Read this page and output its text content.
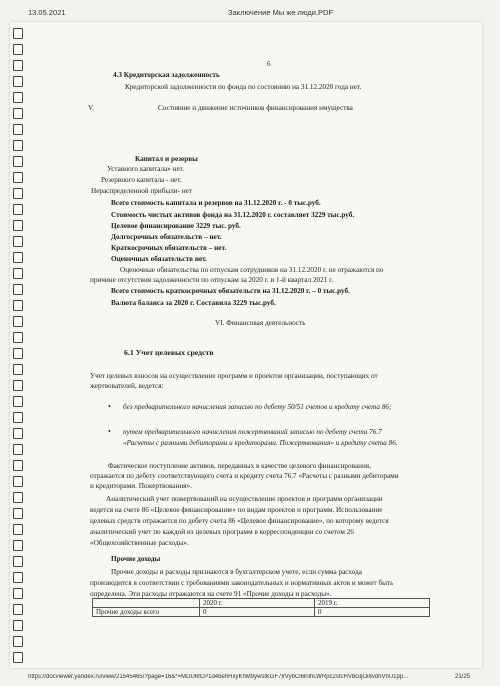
13.05.2021	Заключение Мы же люди.PDF
6
4.3 Кредиторская задолженность
Кредиторской задолженности по фонда по состоянию на 31.12.2020 года нет.
V.	Состояние и движение источников финансирования имущества
Капитал и резервы
Уставного капитала» нет.
Резервного капитала - нет.
Нераспределенной прибыли- нет
Всего стоимость капитала и резервов на 31.12.2020 г. - 0 тыс.руб.
Стоимость чистых активов фонда на 31.12.2020 г. составляет 3229 тыс.руб.
Целевое финансирование 3229 тыс. руб.
Долгосрочных обязательств – нет.
Краткосрочных обязательств – нет.
Оценочных обязательств нет.
Оценочные обязательства по отпускам сотрудников на 31.12.2020 г. не отражаются по
причине отсутствия задолженности по отпускам за 2020 г. и 1-й квартал 2021 г.
Всего стоимость краткосрочных обязательств на 31.12.2020 г. – 0 тыс.руб.
Валюта баланса за 2020 г. Составила 3229 тыс.руб.
VI. Финансовая деятельность
6.1 Учет целевых средств
Учет целевых взносов на осуществление программ и проектов организации, поступающих от
жертвователей, ведется:
• без предварительного начисления записью по дебету 50/51 счетов и кредиту счета 86;
• путем предварительного начисления пожертвований записью по дебету счета 76.7
«Расчеты с разными дебиторами и кредиторами. Пожертвования» и кредиту счета 86.
Фактическое поступление активов, переданных в качестве целевого финансирования,
отражается по дебету соответствующего счета и кредиту счета 76.7 «Расчеты с разными дебиторами
и кредиторами. Пожертвования».
Аналитический учет пожертвований на осуществление проектов и программ организации
ведется на счете 86 «Целевое финансирование» по видам проектов и программ. Использование
целевых средств отражается по дебету счета 86 «Целевое финансирование», по которому ведется
аналитический учет по каждой из целевых программ в корреспонденции со счетом 26
«Общехозяйственные расходы».
Прочие доходы
Прочие доходы и расходы признаются в бухгалтерском учете, если сумма расхода
производится в соответствии с требованиями законодательных и нормативных актов и может быть
определена. Эти расходы отражаются на счете 91 «Прочие доходы и расходы».
	2020 г.	2019 г.
Прочие доходы всего	0	0
https://docviewer.yandex.ru/view/21545465/?page=16&*=MDU6fCP1d4behHxyKhM9ywslKGF7lrVybCl6lnlhLWRpc2stcHVbGljOi8vdnVhU1pp...	21/25
